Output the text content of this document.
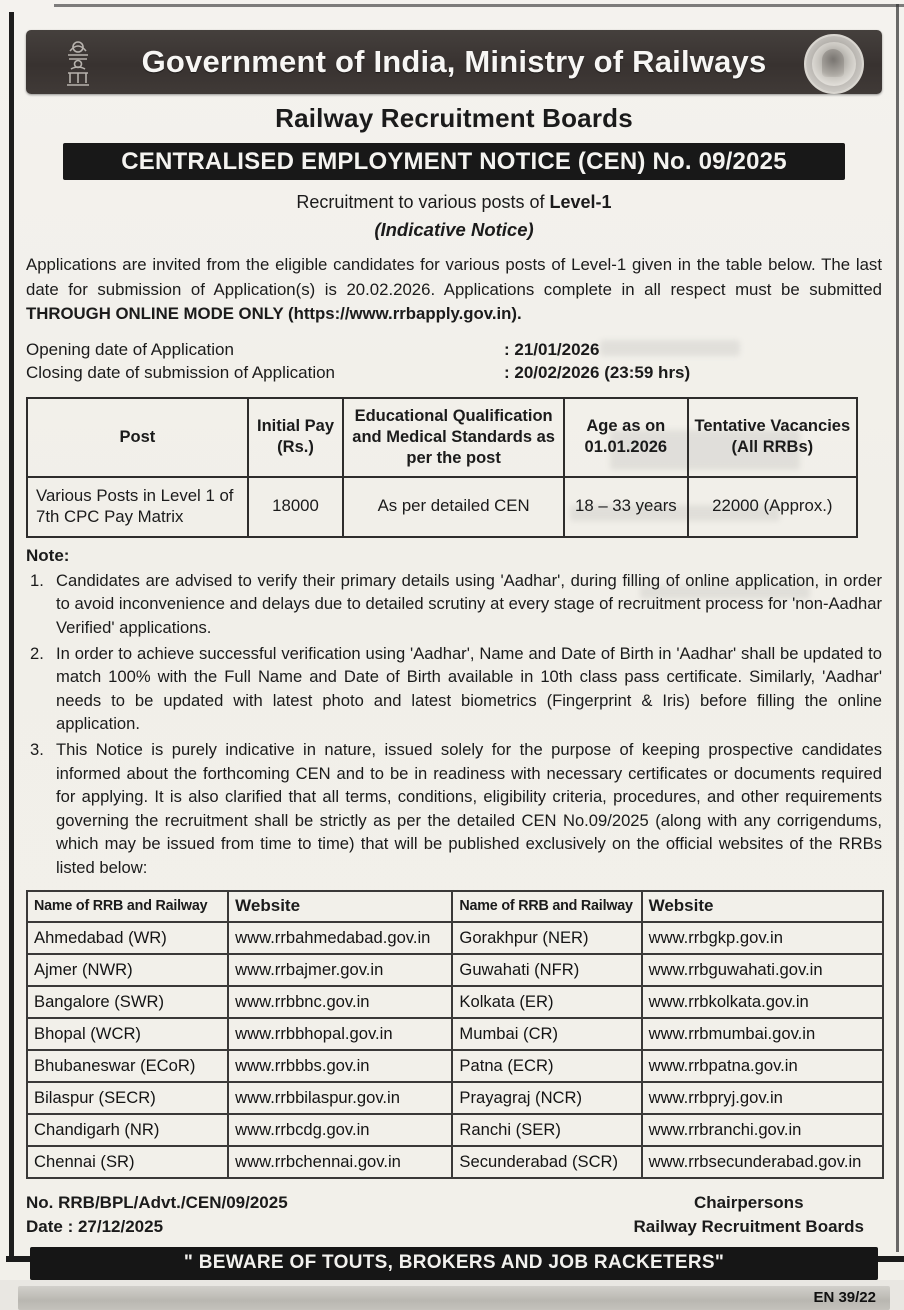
Government of India, Ministry of Railways
Railway Recruitment Boards
CENTRALISED EMPLOYMENT NOTICE (CEN) No. 09/2025
Recruitment to various posts of Level-1
(Indicative Notice)

Applications are invited from the eligible candidates for various posts of Level-1 given in the table below. The last date for submission of Application(s) is 20.02.2026. Applications complete in all respect must be submitted THROUGH ONLINE MODE ONLY (https://www.rrbapply.gov.in).

Opening date of Application	: 21/01/2026
Closing date of submission of Application	: 20/02/2026 (23:59 hrs)
Post	Initial Pay (Rs.)	Educational Qualification and Medical Standards as per the post	Age as on 01.01.2026	Tentative Vacancies (All RRBs)
Various Posts in Level 1 of 7th CPC Pay Matrix	18000	As per detailed CEN	18 – 33 years	22000 (Approx.)
Note:
Candidates are advised to verify their primary details using 'Aadhar', during filling of online application, in order to avoid inconvenience and delays due to detailed scrutiny at every stage of recruitment process for 'non-Aadhar Verified' applications.
In order to achieve successful verification using 'Aadhar', Name and Date of Birth in 'Aadhar' shall be updated to match 100% with the Full Name and Date of Birth available in 10th class pass certificate. Similarly, 'Aadhar' needs to be updated with latest photo and latest biometrics (Fingerprint & Iris) before filling the online application.
This Notice is purely indicative in nature, issued solely for the purpose of keeping prospective candidates informed about the forthcoming CEN and to be in readiness with necessary certificates or documents required for applying. It is also clarified that all terms, conditions, eligibility criteria, procedures, and other requirements governing the recruitment shall be strictly as per the detailed CEN No.09/2025 (along with any corrigendums, which may be issued from time to time) that will be published exclusively on the official websites of the RRBs listed below:
Name of RRB and Railway	Website	Name of RRB and Railway	Website
Ahmedabad (WR)	www.rrbahmedabad.gov.in	Gorakhpur (NER)	www.rrbgkp.gov.in
Ajmer (NWR)	www.rrbajmer.gov.in	Guwahati (NFR)	www.rrbguwahati.gov.in
Bangalore (SWR)	www.rrbbnc.gov.in	Kolkata (ER)	www.rrbkolkata.gov.in
Bhopal (WCR)	www.rrbbhopal.gov.in	Mumbai (CR)	www.rrbmumbai.gov.in
Bhubaneswar (ECoR)	www.rrbbbs.gov.in	Patna (ECR)	www.rrbpatna.gov.in
Bilaspur (SECR)	www.rrbbilaspur.gov.in	Prayagraj (NCR)	www.rrbpryj.gov.in
Chandigarh (NR)	www.rrbcdg.gov.in	Ranchi (SER)	www.rrbranchi.gov.in
Chennai (SR)	www.rrbchennai.gov.in	Secunderabad (SCR)	www.rrbsecunderabad.gov.in
No. RRB/BPL/Advt./CEN/09/2025
Date : 27/12/2025
Chairpersons
Railway Recruitment Boards
" BEWARE OF TOUTS, BROKERS AND JOB RACKETERS"
EN 39/22
